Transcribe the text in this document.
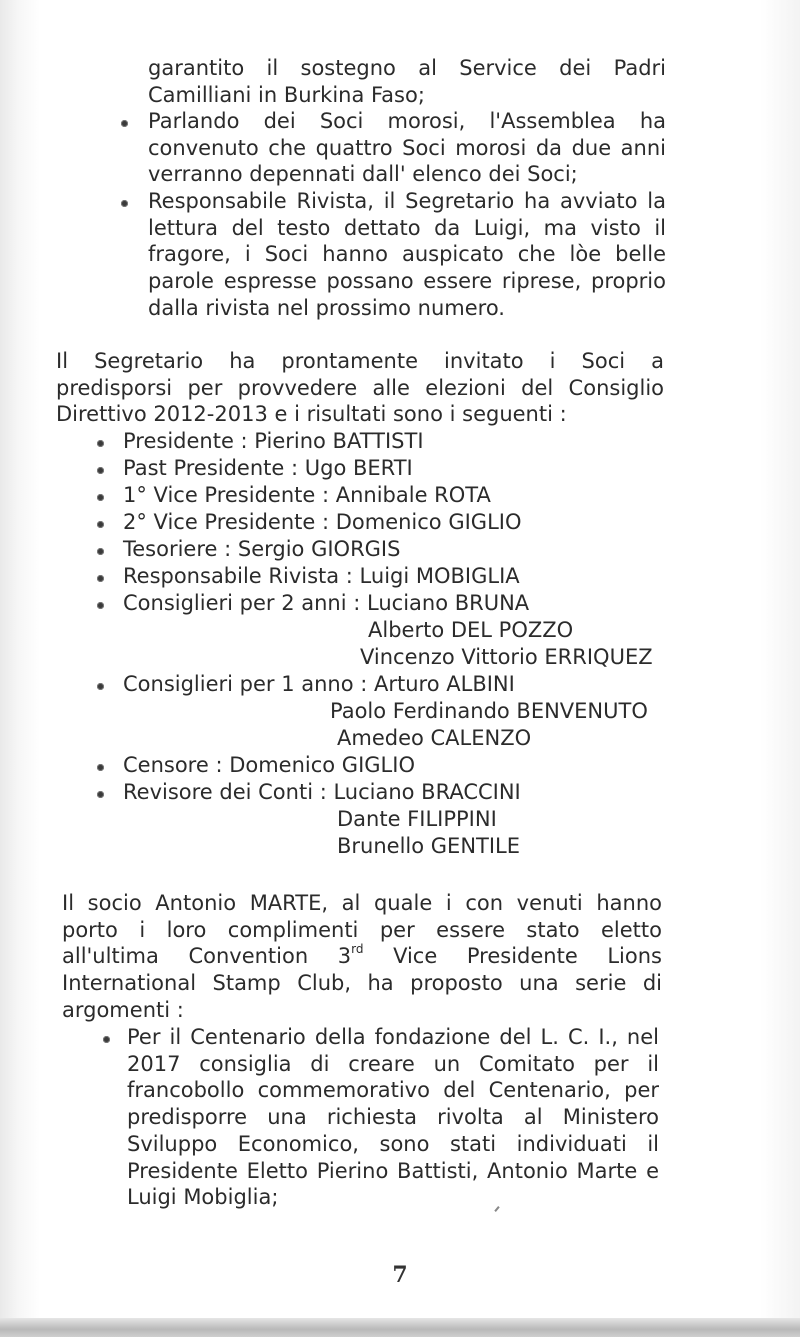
garantito il sostegno al Service dei Padri
Camilliani in Burkina Faso;
Parlando dei Soci morosi, l'Assemblea ha
convenuto che quattro Soci morosi da due anni
verranno depennati dall' elenco dei Soci;
Responsabile Rivista, il Segretario ha avviato la
lettura del testo dettato da Luigi, ma visto il
fragore, i Soci hanno auspicato che lòe belle
parole espresse possano essere riprese, proprio
dalla rivista nel prossimo numero.
Il Segretario ha prontamente invitato i Soci a
predisporsi per provvedere alle elezioni del Consiglio
Direttivo 2012-2013 e i risultati sono i seguenti :
Presidente : Pierino BATTISTI
Past Presidente : Ugo BERTI
1° Vice Presidente : Annibale ROTA
2° Vice Presidente : Domenico GIGLIO
Tesoriere : Sergio GIORGIS
Responsabile Rivista : Luigi MOBIGLIA
Consiglieri per 2 anni : Luciano BRUNA
Alberto DEL POZZO
Vincenzo Vittorio ERRIQUEZ
Consiglieri per 1 anno : Arturo ALBINI
Paolo Ferdinando BENVENUTO
Amedeo CALENZO
Censore : Domenico GIGLIO
Revisore dei Conti : Luciano BRACCINI
Dante FILIPPINI
Brunello GENTILE
Il socio Antonio MARTE, al quale i con venuti hanno
porto i loro complimenti per essere stato eletto
all'ultima Convention 3rd Vice Presidente Lions
International Stamp Club, ha proposto una serie di
argomenti :
Per il Centenario della fondazione del L. C. I., nel
2017 consiglia di creare un Comitato per il
francobollo commemorativo del Centenario, per
predisporre una richiesta rivolta al Ministero
Sviluppo Economico, sono stati individuati il
Presidente Eletto Pierino Battisti, Antonio Marte e
Luigi Mobiglia;
7
